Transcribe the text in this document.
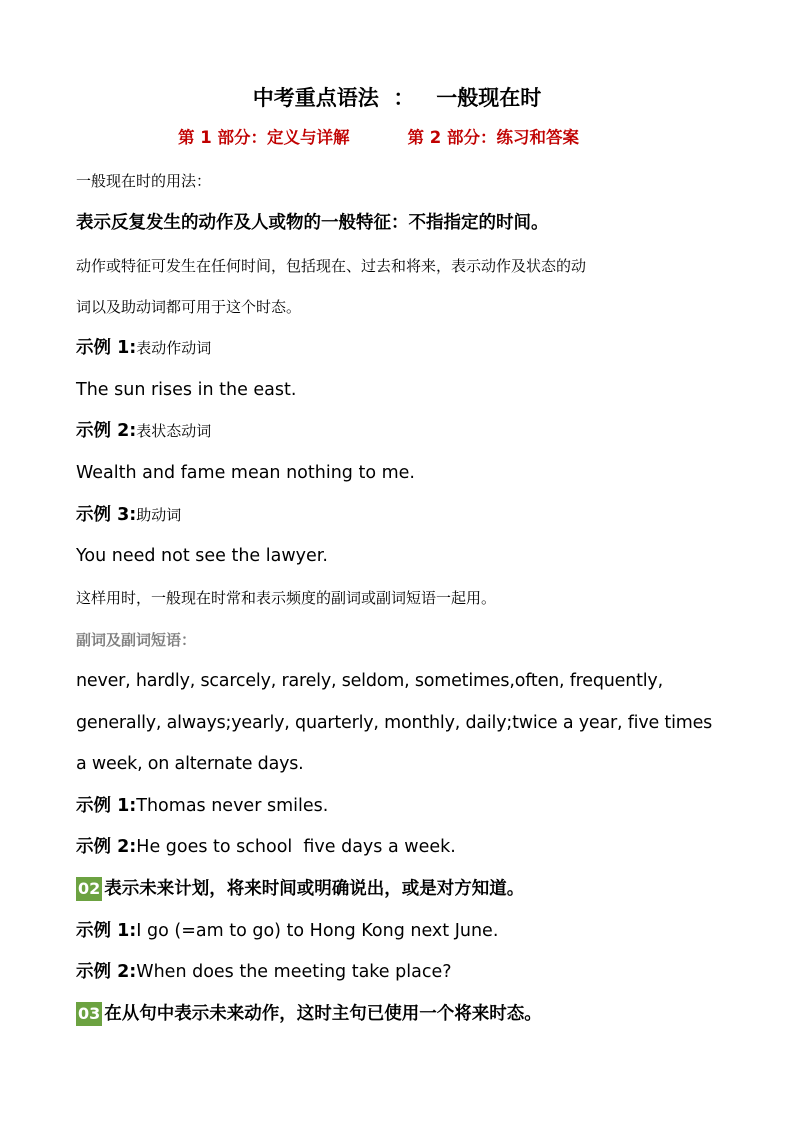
中考重点语法  ：   一般现在时
第 1 部分：定义与详解	第 2 部分：练习和答案
一般现在时的用法：
表示反复发生的动作及人或物的一般特征：不指指定的时间。
动作或特征可发生在任何时间，包括现在、过去和将来，表示动作及状态的动
词以及助动词都可用于这个时态。
示例 1:表动作动词
The sun rises in the east.
示例 2:表状态动词
Wealth and fame mean nothing to me.
示例 3:助动词
You need not see the lawyer.
这样用时，一般现在时常和表示频度的副词或副词短语一起用。
副词及副词短语：
never, hardly, scarcely, rarely, seldom, sometimes,often, frequently,
generally, always;yearly, quarterly, monthly, daily;twice a year, five times
a week, on alternate days.
示例 1:Thomas never smiles.
示例 2:He goes to school  five days a week.
02 表示未来计划，将来时间或明确说出，或是对方知道。
示例 1:I go (=am to go) to Hong Kong next June.
示例 2:When does the meeting take place?
03 在从句中表示未来动作，这时主句已使用一个将来时态。
